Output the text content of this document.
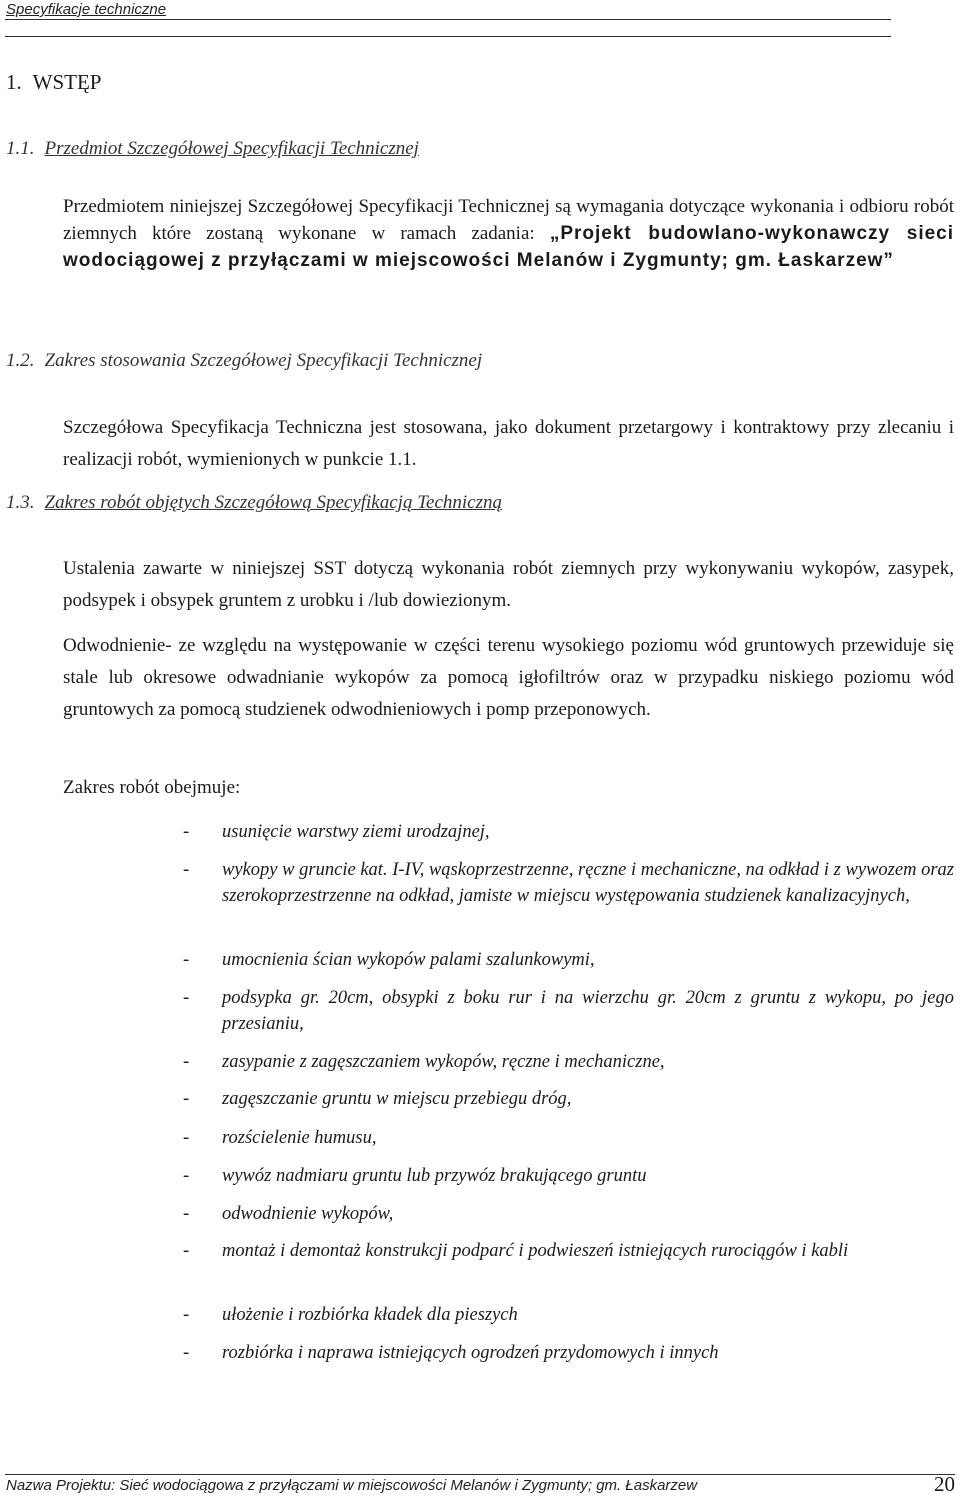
Specyfikacje techniczne
1. WSTĘP
1.1. Przedmiot Szczegółowej Specyfikacji Technicznej
Przedmiotem niniejszej Szczegółowej Specyfikacji Technicznej są wymagania dotyczące wykonania i odbioru robót ziemnych które zostaną wykonane w ramach zadania: „Projekt budowlano-wykonawczy sieci wodociągowej z przyłączami w miejscowości Melanów i Zygmunty; gm. Łaskarzew”
1.2. Zakres stosowania Szczegółowej Specyfikacji Technicznej
Szczegółowa Specyfikacja Techniczna jest stosowana, jako dokument przetargowy i kontraktowy przy zlecaniu i realizacji robót, wymienionych w punkcie 1.1.
1.3. Zakres robót objętych Szczegółową Specyfikacją Techniczną
Ustalenia zawarte w niniejszej SST dotyczą wykonania robót ziemnych przy wykonywaniu wykopów, zasypek, podsypek i obsypek gruntem z urobku i /lub dowiezionym.
Odwodnienie- ze względu na występowanie w części terenu wysokiego poziomu wód gruntowych przewiduje się stale lub okresowe odwadnianie wykopów za pomocą igłofiltrów oraz w przypadku niskiego poziomu wód gruntowych za pomocą studzienek odwodnieniowych i pomp przeponowych.
Zakres robót obejmuje:
- usunięcie warstwy ziemi urodzajnej,
- wykopy w gruncie kat. I-IV, wąskoprzestrzenne, ręczne i mechaniczne, na odkład i z wywozem oraz szerokoprzestrzenne na odkład, jamiste w miejscu występowania studzienek kanalizacyjnych,
- umocnienia ścian wykopów palami szalunkowymi,
- podsypka gr. 20cm, obsypki z boku rur i na wierzchu gr. 20cm z gruntu z wykopu, po jego przesianiu,
- zasypanie z zagęszczaniem wykopów, ręczne i mechaniczne,
- zagęszczanie gruntu w miejscu przebiegu dróg,
- rozścielenie humusu,
- wywóz nadmiaru gruntu lub przywóz brakującego gruntu
- odwodnienie wykopów,
- montaż i demontaż konstrukcji podparć i podwieszeń istniejących rurociągów i kabli
- ułożenie i rozbiórka kładek dla pieszych
- rozbiórka i naprawa istniejących ogrodzeń przydomowych i innych
Nazwa Projektu: Sieć wodociągowa z przyłączami w miejscowości Melanów i Zygmunty; gm. Łaskarzew	20
